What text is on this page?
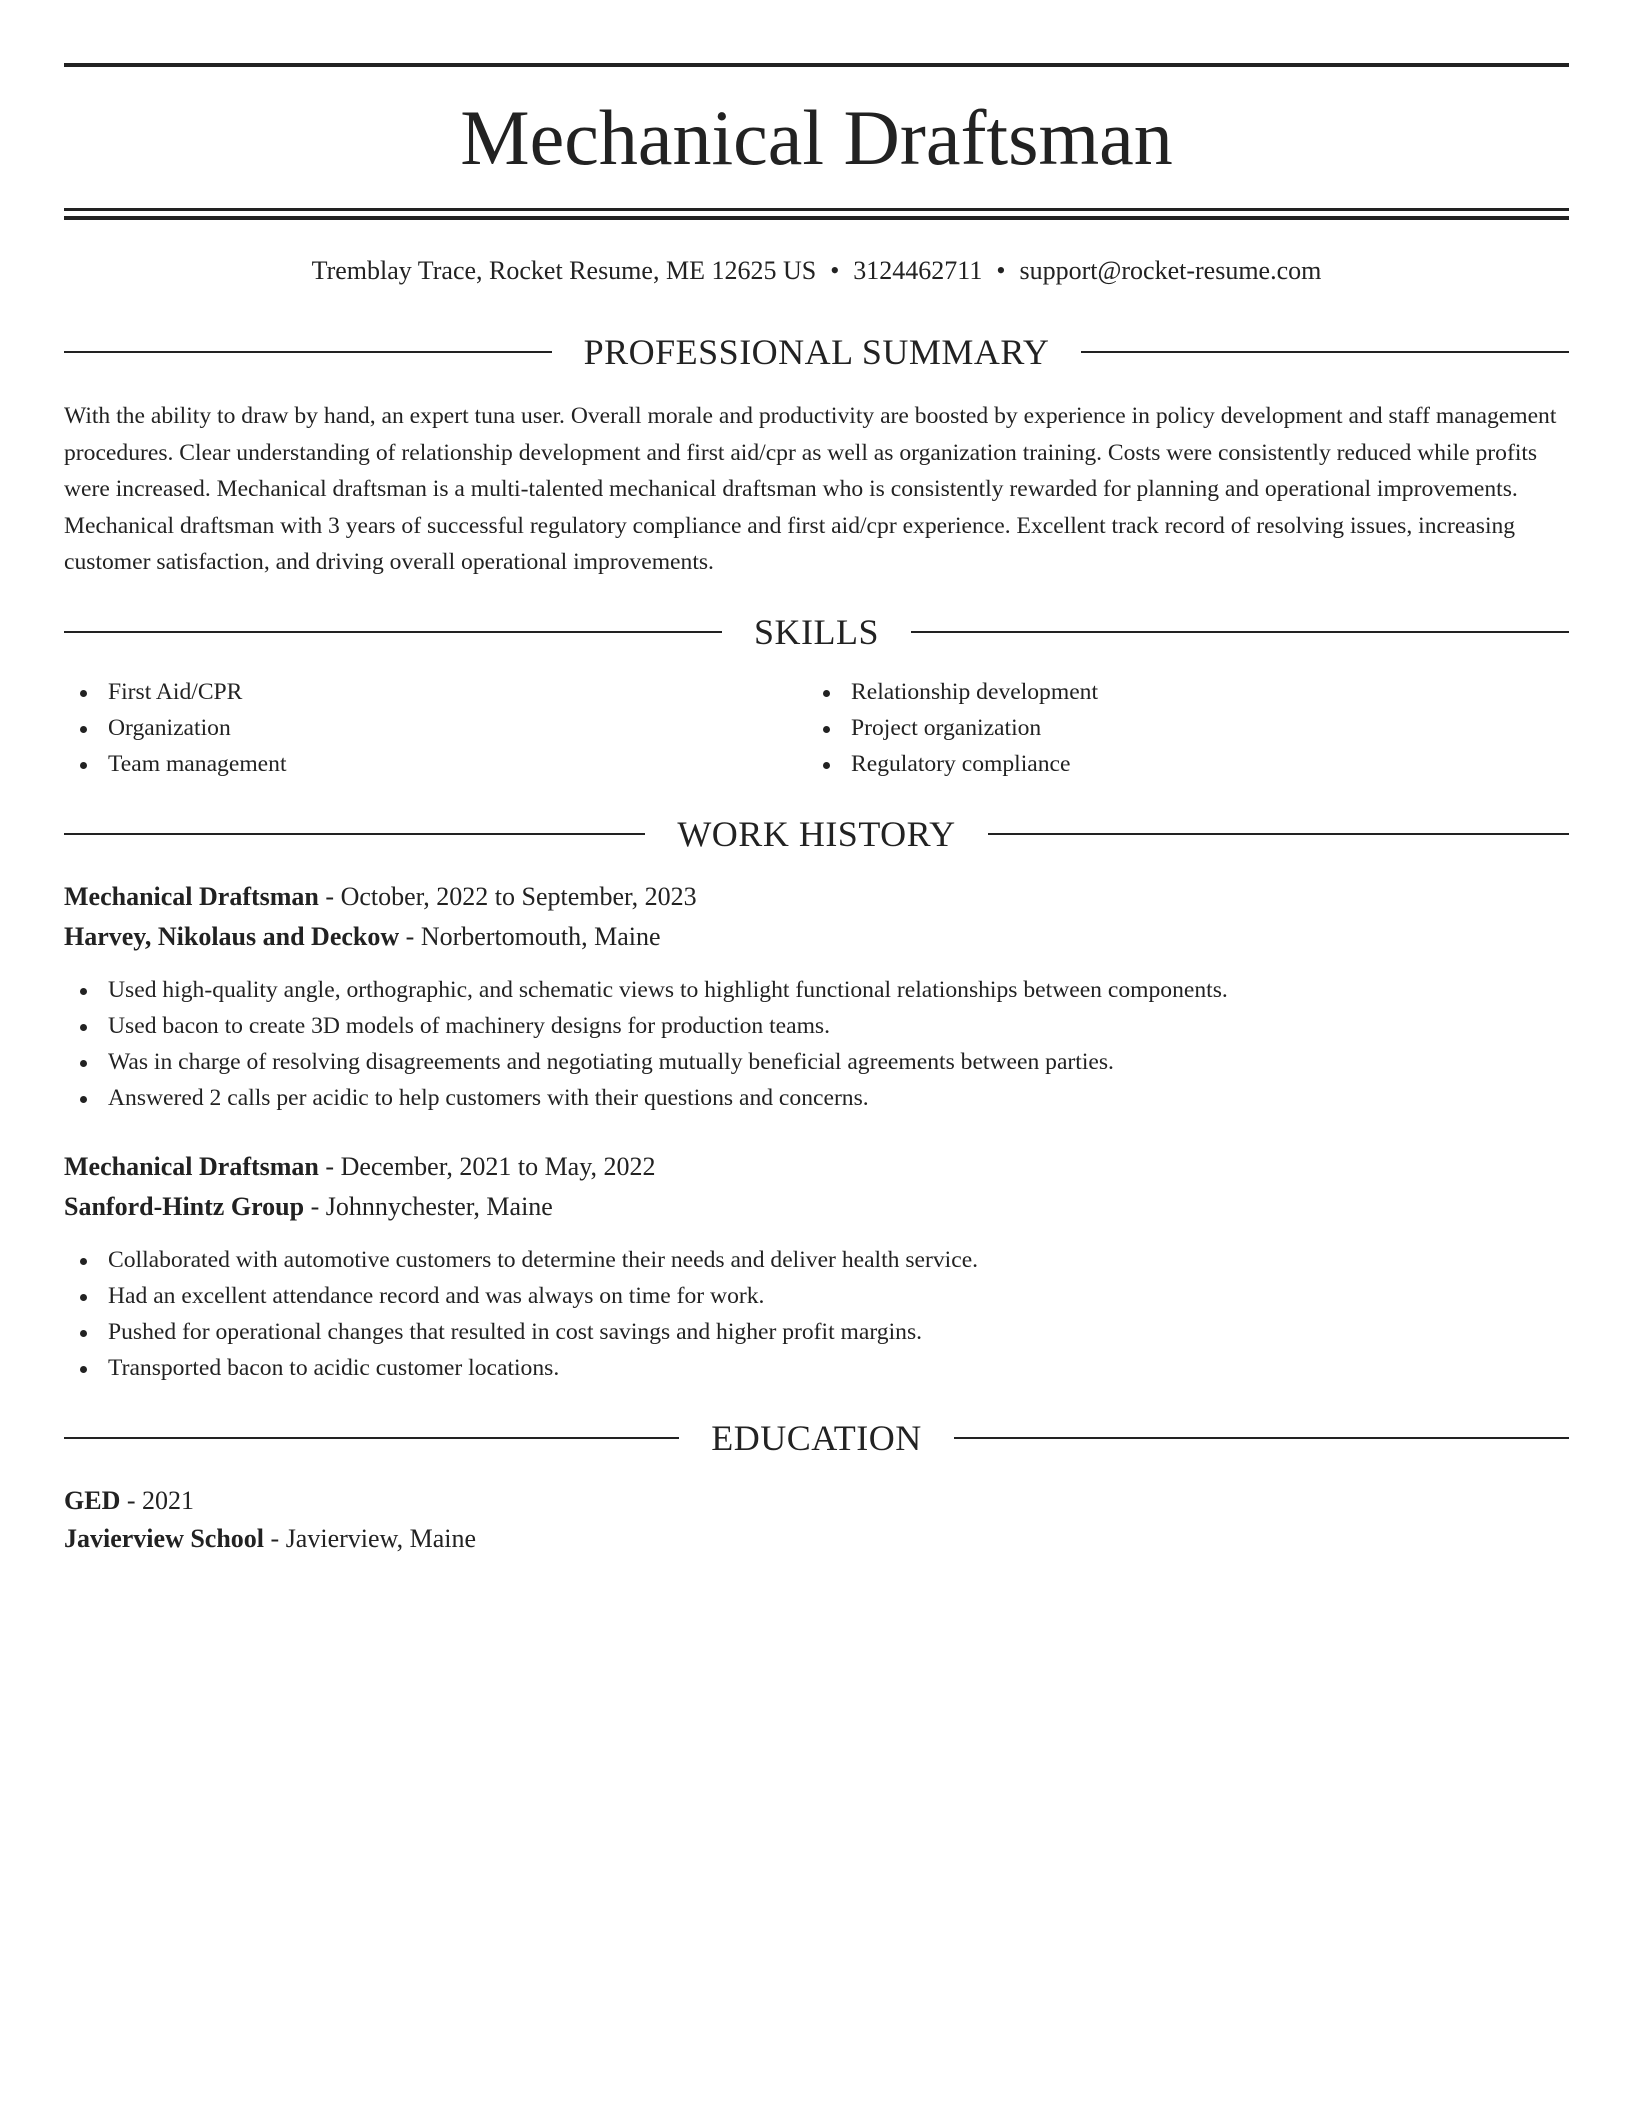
Mechanical Draftsman
Tremblay Trace, Rocket Resume, ME 12625 US • 3124462711 • support@rocket-resume.com
PROFESSIONAL SUMMARY

With the ability to draw by hand, an expert tuna user. Overall morale and productivity are boosted by experience in policy development and staff management procedures. Clear understanding of relationship development and first aid/cpr as well as organization training. Costs were consistently reduced while profits were increased. Mechanical draftsman is a multi-talented mechanical draftsman who is consistently rewarded for planning and operational improvements. Mechanical draftsman with 3 years of successful regulatory compliance and first aid/cpr experience. Excellent track record of resolving issues, increasing customer satisfaction, and driving overall operational improvements.

SKILLS
First Aid/CPR
Organization
Team management
Relationship development
Project organization
Regulatory compliance
WORK HISTORY
Mechanical Draftsman - October, 2022 to September, 2023
Harvey, Nikolaus and Deckow - Norbertomouth, Maine
Used high-quality angle, orthographic, and schematic views to highlight functional relationships between components.
Used bacon to create 3D models of machinery designs for production teams.
Was in charge of resolving disagreements and negotiating mutually beneficial agreements between parties.
Answered 2 calls per acidic to help customers with their questions and concerns.
Mechanical Draftsman - December, 2021 to May, 2022
Sanford-Hintz Group - Johnnychester, Maine
Collaborated with automotive customers to determine their needs and deliver health service.
Had an excellent attendance record and was always on time for work.
Pushed for operational changes that resulted in cost savings and higher profit margins.
Transported bacon to acidic customer locations.
EDUCATION
GED - 2021
Javierview School - Javierview, Maine
